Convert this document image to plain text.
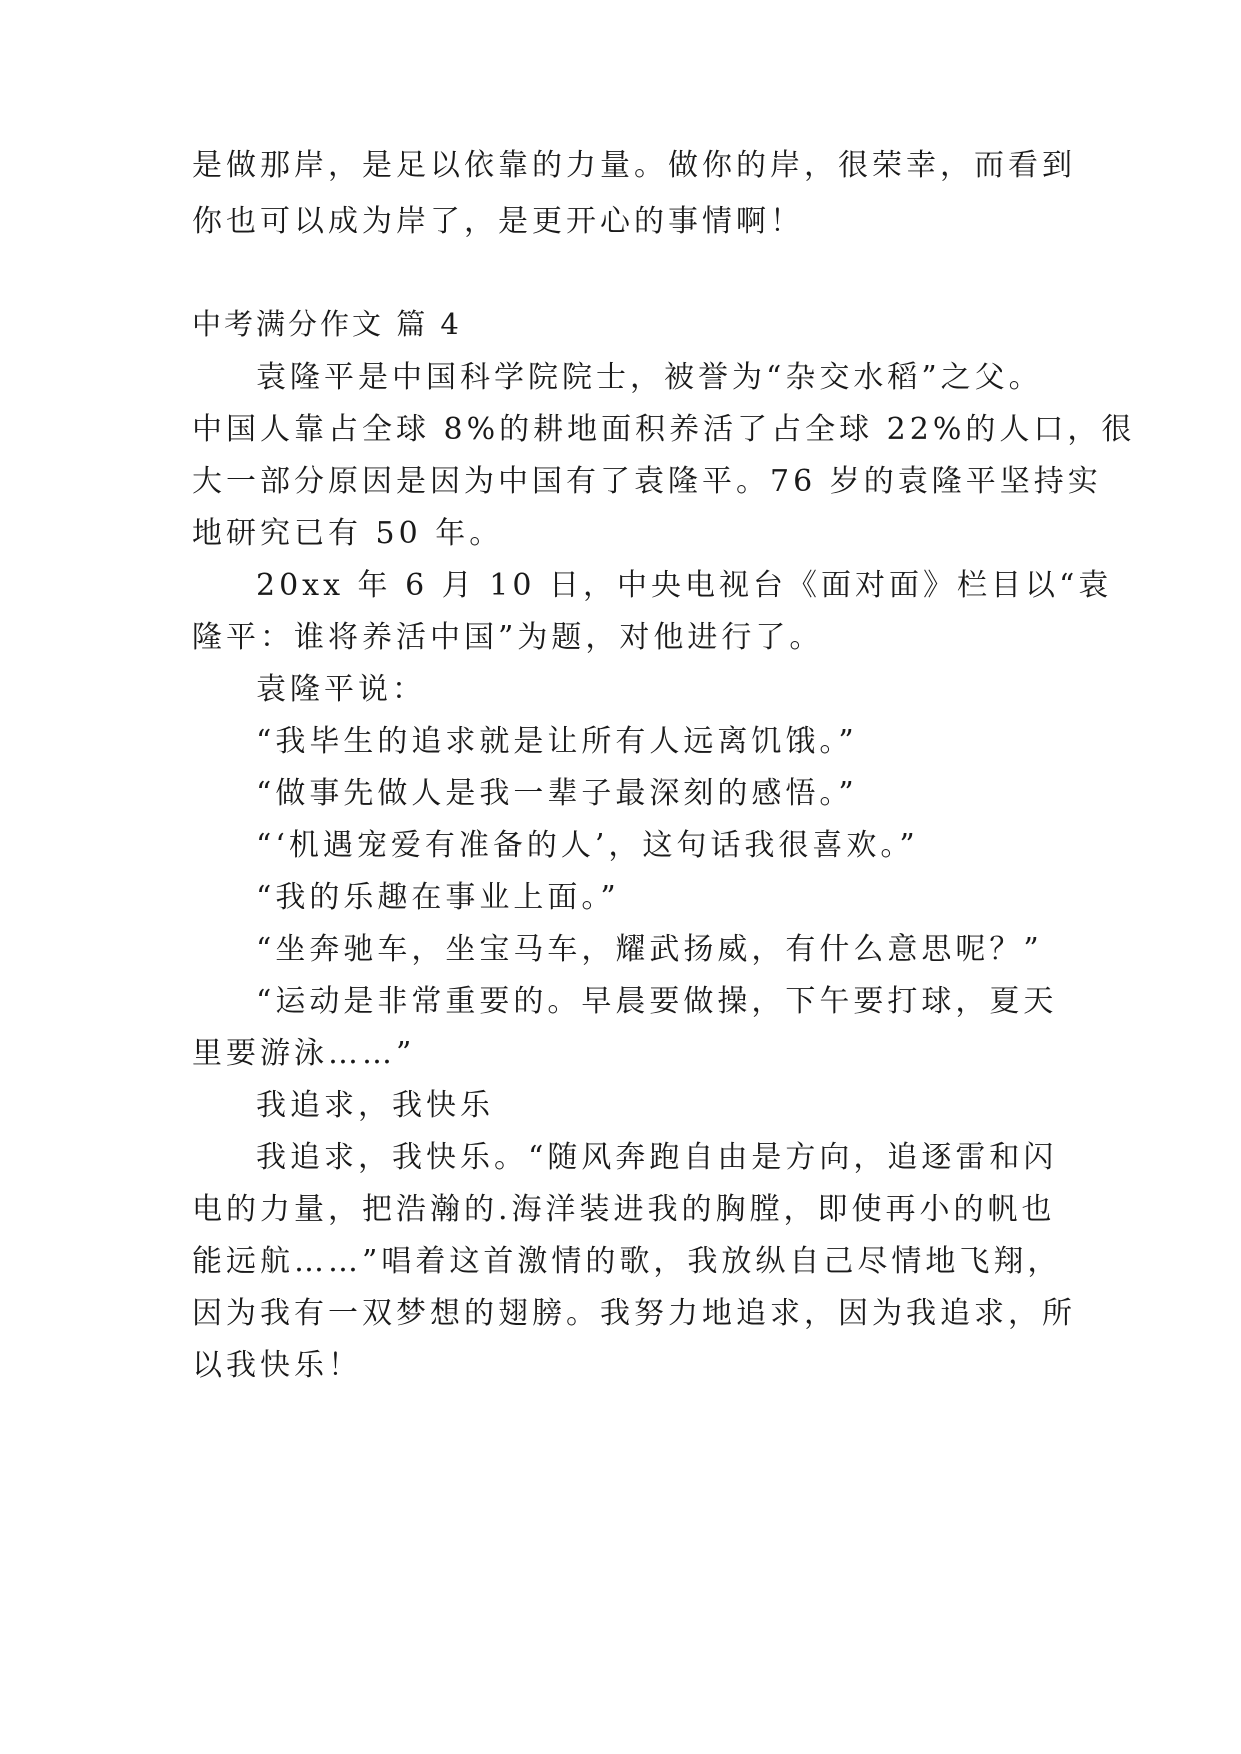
是做那岸，是足以依靠的力量。做你的岸，很荣幸，而看到
你也可以成为岸了，是更开心的事情啊！
中考满分作文 篇 4
袁隆平是中国科学院院士，被誉为“杂交水稻”之父。
中国人靠占全球 8%的耕地面积养活了占全球 22%的人口，很
大一部分原因是因为中国有了袁隆平。76 岁的袁隆平坚持实
地研究已有 50 年。
20xx 年 6 月 10 日，中央电视台《面对面》栏目以“袁
隆平：谁将养活中国”为题，对他进行了。
袁隆平说：
“我毕生的追求就是让所有人远离饥饿。”
“做事先做人是我一辈子最深刻的感悟。”
“‘机遇宠爱有准备的人’，这句话我很喜欢。”
“我的乐趣在事业上面。”
“坐奔驰车，坐宝马车，耀武扬威，有什么意思呢？”
“运动是非常重要的。早晨要做操，下午要打球，夏天
里要游泳……”
我追求，我快乐
我追求，我快乐。“随风奔跑自由是方向，追逐雷和闪
电的力量，把浩瀚的.海洋装进我的胸膛，即使再小的帆也
能远航……”唱着这首激情的歌，我放纵自己尽情地飞翔，
因为我有一双梦想的翅膀。我努力地追求，因为我追求，所
以我快乐！
